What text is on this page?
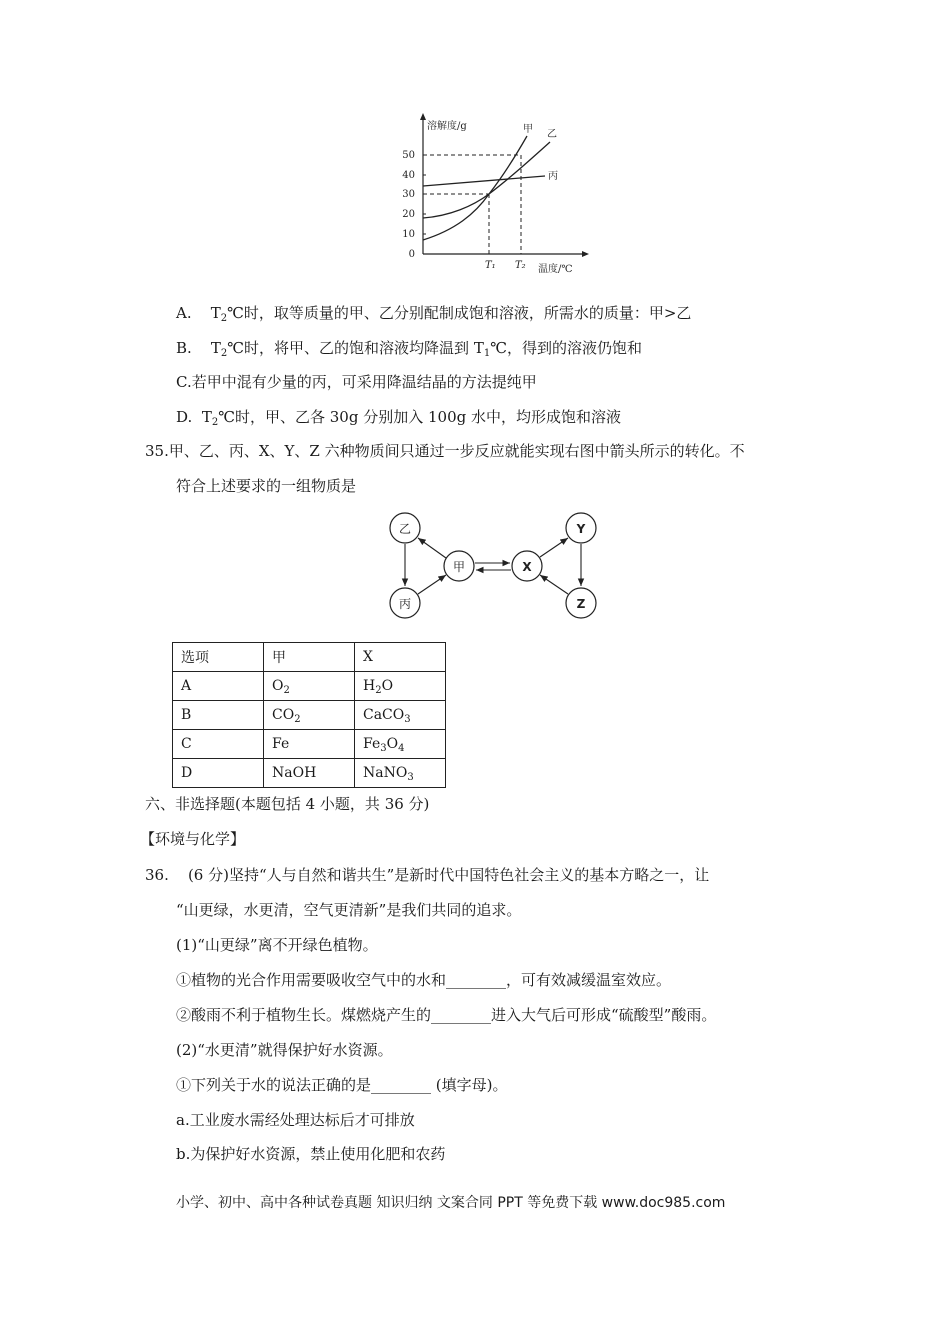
50
40
30
20
10
0
溶解度/g
温度/℃
T₁ T₂
甲 乙
丙
A. $T_2℃$时，取等质量的甲、乙分别配制成饱和溶液，所需水的质量：甲>乙
B. $T_2℃$时，将甲、乙的饱和溶液均降温到 $T_1℃$，得到的溶液仍饱和
C.若甲中混有少量的丙，可采用降温结晶的方法提纯甲
D. $T_2℃$时，甲、乙各 30g 分别加入 100g 水中，均形成饱和溶液
35.甲、乙、丙、X、Y、Z 六种物质间只通过一步反应就能实现右图中箭头所示的转化。不
符合上述要求的一组物质是
乙
甲
丙
X
Y
Z
选项	甲	X
A	$O_2$	$H_2O$
B	$CO_2$	CaCO$_3$
C	Fe	$Fe_3O_4$
D	NaOH	NaNO$_3$
六、非选择题(本题包括 4 小题，共 36 分)
【环境与化学】
36. (6 分)坚持“人与自然和谐共生”是新时代中国特色社会主义的基本方略之一，让
“山更绿，水更清，空气更清新”是我们共同的追求。
(1)“山更绿”离不开绿色植物。
①植物的光合作用需要吸收空气中的水和________，可有效减缓温室效应。
②酸雨不利于植物生长。煤燃烧产生的________进入大气后可形成“硫酸型”酸雨。
(2)“水更清”就得保护好水资源。
①下列关于水的说法正确的是________ (填字母)。
a.工业废水需经处理达标后才可排放
b.为保护好水资源，禁止使用化肥和农药
小学、初中、高中各种试卷真题 知识归纳 文案合同 PPT 等免费下载 www.doc985.com
